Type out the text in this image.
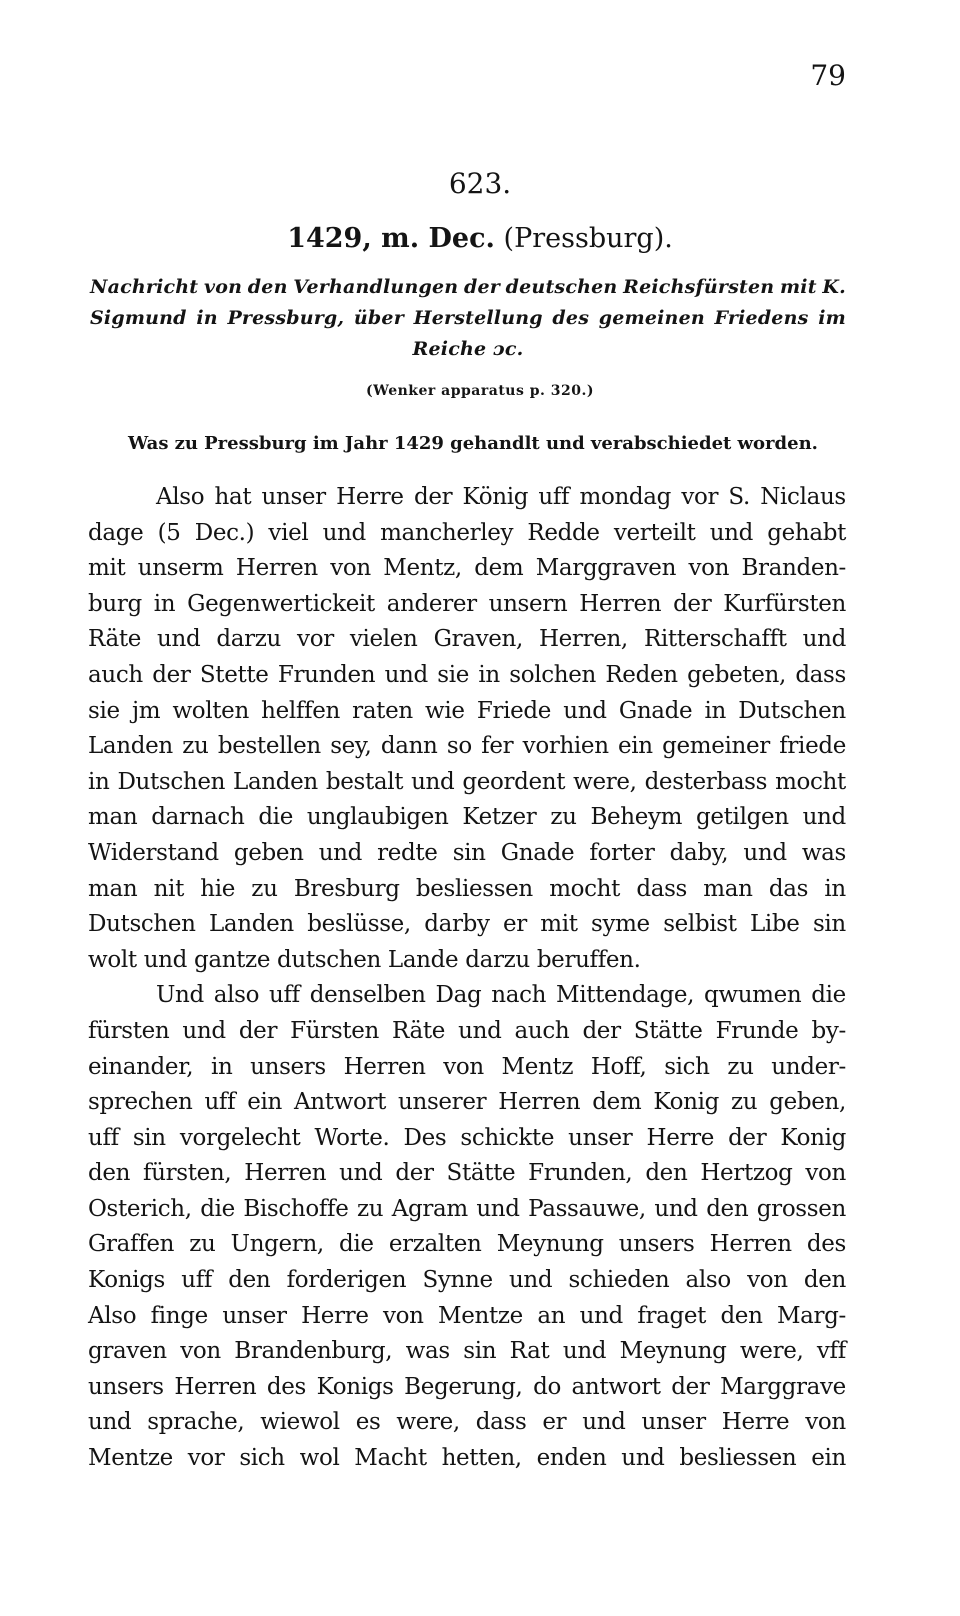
79
623.
1429, m. Dec. (Pressburg).
Nachricht von den Verhandlungen der deutschen Reichsfürsten mit K.
Sigmund in Pressburg, über Herstellung des gemeinen Friedens im
Reiche ɔc.
(Wenker apparatus p. 320.)
Was zu Pressburg im Jahr 1429 gehandlt und verabschiedet worden.
Also hat unser Herre der König uff mondag vor S. Niclaus
dage (5 Dec.) viel und mancherley Redde verteilt und gehabt
mit unserm Herren von Mentz, dem Marggraven von Branden-
burg in Gegenwertickeit anderer unsern Herren der Kurfürsten
Räte und darzu vor vielen Graven, Herren, Ritterschafft und
auch der Stette Frunden und sie in solchen Reden gebeten, dass
sie jm wolten helffen raten wie Friede und Gnade in Dutschen
Landen zu bestellen sey, dann so fer vorhien ein gemeiner friede
in Dutschen Landen bestalt und geordent were, desterbass mocht
man darnach die unglaubigen Ketzer zu Beheym getilgen und
Widerstand geben und redte sin Gnade forter daby, und was
man nit hie zu Bresburg besliessen mocht dass man das in
Dutschen Landen beslüsse, darby er mit syme selbist Libe sin
wolt und gantze dutschen Lande darzu beruffen.
Und also uff denselben Dag nach Mittendage, qwumen die
fürsten und der Fürsten Räte und auch der Stätte Frunde by-
einander, in unsers Herren von Mentz Hoff, sich zu under-
sprechen uff ein Antwort unserer Herren dem Konig zu geben,
uff sin vorgelecht Worte. Des schickte unser Herre der Konig
den fürsten, Herren und der Stätte Frunden, den Hertzog von
Osterich, die Bischoffe zu Agram und Passauwe, und den grossen
Graffen zu Ungern, die erzalten Meynung unsers Herren des
Konigs uff den forderigen Synne und schieden also von den
Also finge unser Herre von Mentze an und fraget den Marg-
graven von Brandenburg, was sin Rat und Meynung were, vff
unsers Herren des Konigs Begerung, do antwort der Marggrave
und sprache, wiewol es were, dass er und unser Herre von
Mentze vor sich wol Macht hetten, enden und besliessen ein
